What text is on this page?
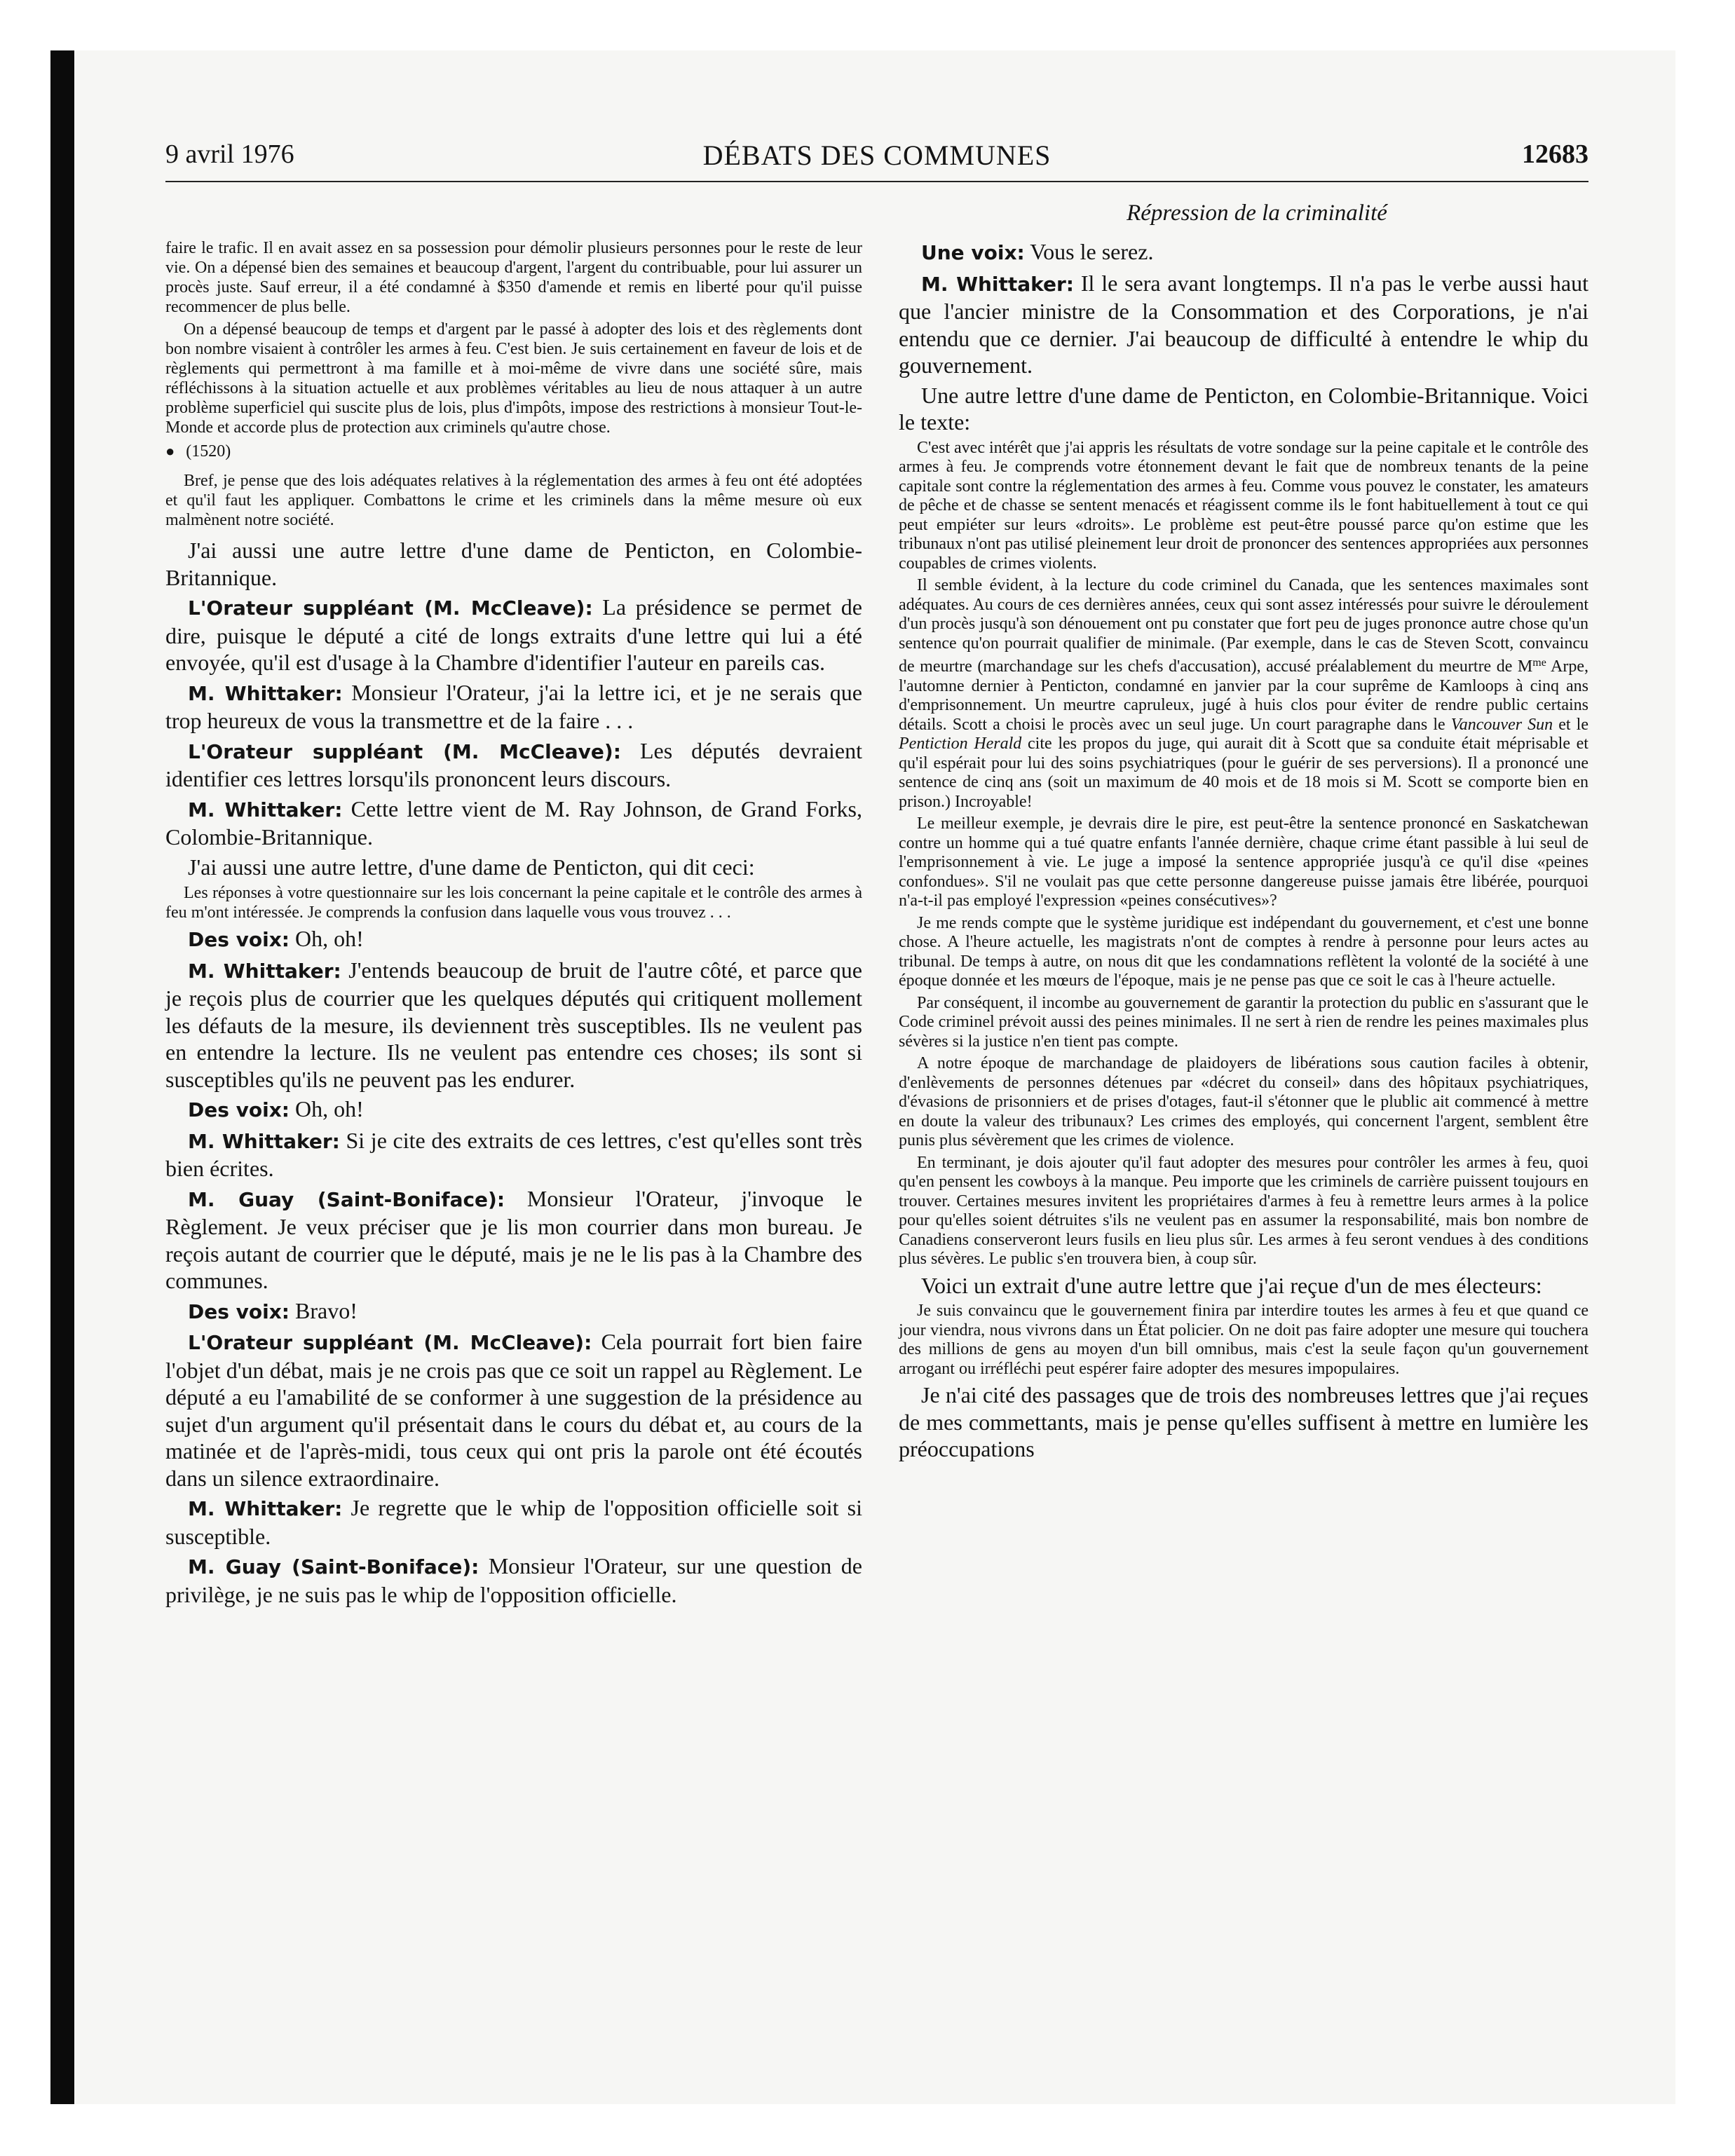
9 avril 1976	DÉBATS DES COMMUNES	12683
Répression de la criminalité

faire le trafic. Il en avait assez en sa possession pour démolir plusieurs personnes pour le reste de leur vie. On a dépensé bien des semaines et beaucoup d'argent, l'argent du contribuable, pour lui assurer un procès juste. Sauf erreur, il a été condamné à $350 d'amende et remis en liberté pour qu'il puisse recommencer de plus belle.

On a dépensé beaucoup de temps et d'argent par le passé à adopter des lois et des règlements dont bon nombre visaient à contrôler les armes à feu. C'est bien. Je suis certainement en faveur de lois et de règlements qui permettront à ma famille et à moi-même de vivre dans une société sûre, mais réfléchissons à la situation actuelle et aux problèmes véritables au lieu de nous attaquer à un autre problème superficiel qui suscite plus de lois, plus d'impôts, impose des restrictions à monsieur Tout-le-Monde et accorde plus de protection aux criminels qu'autre chose.

● (1520)

Bref, je pense que des lois adéquates relatives à la réglementation des armes à feu ont été adoptées et qu'il faut les appliquer. Combattons le crime et les criminels dans la même mesure où eux malmènent notre société.

J'ai aussi une autre lettre d'une dame de Penticton, en Colombie-Britannique.

L'Orateur suppléant (M. McCleave): La présidence se permet de dire, puisque le député a cité de longs extraits d'une lettre qui lui a été envoyée, qu'il est d'usage à la Chambre d'identifier l'auteur en pareils cas.

M. Whittaker: Monsieur l'Orateur, j'ai la lettre ici, et je ne serais que trop heureux de vous la transmettre et de la faire . . .

L'Orateur suppléant (M. McCleave): Les députés devraient identifier ces lettres lorsqu'ils prononcent leurs discours.

M. Whittaker: Cette lettre vient de M. Ray Johnson, de Grand Forks, Colombie-Britannique.

J'ai aussi une autre lettre, d'une dame de Penticton, qui dit ceci:

Les réponses à votre questionnaire sur les lois concernant la peine capitale et le contrôle des armes à feu m'ont intéressée. Je comprends la confusion dans laquelle vous vous trouvez . . .

Des voix: Oh, oh!

M. Whittaker: J'entends beaucoup de bruit de l'autre côté, et parce que je reçois plus de courrier que les quelques députés qui critiquent mollement les défauts de la mesure, ils deviennent très susceptibles. Ils ne veulent pas en entendre la lecture. Ils ne veulent pas entendre ces choses; ils sont si susceptibles qu'ils ne peuvent pas les endurer.

Des voix: Oh, oh!

M. Whittaker: Si je cite des extraits de ces lettres, c'est qu'elles sont très bien écrites.

M. Guay (Saint-Boniface): Monsieur l'Orateur, j'invoque le Règlement. Je veux préciser que je lis mon courrier dans mon bureau. Je reçois autant de courrier que le député, mais je ne le lis pas à la Chambre des communes.

Des voix: Bravo!

L'Orateur suppléant (M. McCleave): Cela pourrait fort bien faire l'objet d'un débat, mais je ne crois pas que ce soit un rappel au Règlement. Le député a eu l'amabilité de se conformer à une suggestion de la présidence au sujet d'un argument qu'il présentait dans le cours du débat et, au cours de la matinée et de l'après-midi, tous ceux qui ont pris la parole ont été écoutés dans un silence extraordinaire.

M. Whittaker: Je regrette que le whip de l'opposition officielle soit si susceptible.

M. Guay (Saint-Boniface): Monsieur l'Orateur, sur une question de privilège, je ne suis pas le whip de l'opposition officielle.

Une voix: Vous le serez.

M. Whittaker: Il le sera avant longtemps. Il n'a pas le verbe aussi haut que l'ancier ministre de la Consommation et des Corporations, je n'ai entendu que ce dernier. J'ai beaucoup de difficulté à entendre le whip du gouvernement.

Une autre lettre d'une dame de Penticton, en Colombie-Britannique. Voici le texte:

C'est avec intérêt que j'ai appris les résultats de votre sondage sur la peine capitale et le contrôle des armes à feu. Je comprends votre étonnement devant le fait que de nombreux tenants de la peine capitale sont contre la réglementation des armes à feu. Comme vous pouvez le constater, les amateurs de pêche et de chasse se sentent menacés et réagissent comme ils le font habituellement à tout ce qui peut empiéter sur leurs «droits». Le problème est peut-être poussé parce qu'on estime que les tribunaux n'ont pas utilisé pleinement leur droit de prononcer des sentences appropriées aux personnes coupables de crimes violents.

Il semble évident, à la lecture du code criminel du Canada, que les sentences maximales sont adéquates. Au cours de ces dernières années, ceux qui sont assez intéressés pour suivre le déroulement d'un procès jusqu'à son dénouement ont pu constater que fort peu de juges prononce autre chose qu'un sentence qu'on pourrait qualifier de minimale. (Par exemple, dans le cas de Steven Scott, convaincu de meurtre (marchandage sur les chefs d'accusation), accusé préalablement du meurtre de $M^{me}$ Arpe, l'automne dernier à Penticton, condamné en janvier par la cour suprême de Kamloops à cinq ans d'emprisonnement. Un meurtre capruleux, jugé à huis clos pour éviter de rendre public certains détails. Scott a choisi le procès avec un seul juge. Un court paragraphe dans le Vancouver Sun et le Pentiction Herald cite les propos du juge, qui aurait dit à Scott que sa conduite était méprisable et qu'il espérait pour lui des soins psychiatriques (pour le guérir de ses perversions). Il a prononcé une sentence de cinq ans (soit un maximum de 40 mois et de 18 mois si M. Scott se comporte bien en prison.) Incroyable!

Le meilleur exemple, je devrais dire le pire, est peut-être la sentence prononcé en Saskatchewan contre un homme qui a tué quatre enfants l'année dernière, chaque crime étant passible à lui seul de l'emprisonnement à vie. Le juge a imposé la sentence appropriée jusqu'à ce qu'il dise «peines confondues». S'il ne voulait pas que cette personne dangereuse puisse jamais être libérée, pourquoi n'a-t-il pas employé l'expression «peines consécutives»?

Je me rends compte que le système juridique est indépendant du gouvernement, et c'est une bonne chose. A l'heure actuelle, les magistrats n'ont de comptes à rendre à personne pour leurs actes au tribunal. De temps à autre, on nous dit que les condamnations reflètent la volonté de la société à une époque donnée et les mœurs de l'époque, mais je ne pense pas que ce soit le cas à l'heure actuelle.

Par conséquent, il incombe au gouvernement de garantir la protection du public en s'assurant que le Code criminel prévoit aussi des peines minimales. Il ne sert à rien de rendre les peines maximales plus sévères si la justice n'en tient pas compte.

A notre époque de marchandage de plaidoyers de libérations sous caution faciles à obtenir, d'enlèvements de personnes détenues par «décret du conseil» dans des hôpitaux psychiatriques, d'évasions de prisonniers et de prises d'otages, faut-il s'étonner que le plublic ait commencé à mettre en doute la valeur des tribunaux? Les crimes des employés, qui concernent l'argent, semblent être punis plus sévèrement que les crimes de violence.

En terminant, je dois ajouter qu'il faut adopter des mesures pour contrôler les armes à feu, quoi qu'en pensent les cowboys à la manque. Peu importe que les criminels de carrière puissent toujours en trouver. Certaines mesures invitent les propriétaires d'armes à feu à remettre leurs armes à la police pour qu'elles soient détruites s'ils ne veulent pas en assumer la responsabilité, mais bon nombre de Canadiens conserveront leurs fusils en lieu plus sûr. Les armes à feu seront vendues à des conditions plus sévères. Le public s'en trouvera bien, à coup sûr.

Voici un extrait d'une autre lettre que j'ai reçue d'un de mes électeurs:

Je suis convaincu que le gouvernement finira par interdire toutes les armes à feu et que quand ce jour viendra, nous vivrons dans un État policier. On ne doit pas faire adopter une mesure qui touchera des millions de gens au moyen d'un bill omnibus, mais c'est la seule façon qu'un gouvernement arrogant ou irréfléchi peut espérer faire adopter des mesures impopulaires.

Je n'ai cité des passages que de trois des nombreuses lettres que j'ai reçues de mes commettants, mais je pense qu'elles suffisent à mettre en lumière les préoccupations
